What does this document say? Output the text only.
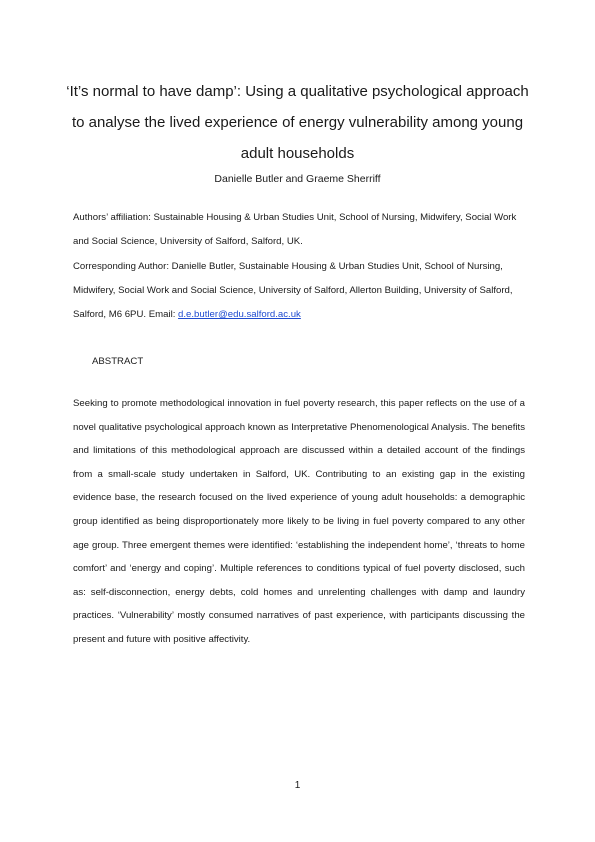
‘It’s normal to have damp’: Using a qualitative psychological approach to analyse the lived experience of energy vulnerability among young adult households
Danielle Butler and Graeme Sherriff
Authors’ affiliation: Sustainable Housing & Urban Studies Unit, School of Nursing, Midwifery, Social Work and Social Science, University of Salford, Salford, UK.
Corresponding Author: Danielle Butler, Sustainable Housing & Urban Studies Unit, School of Nursing, Midwifery, Social Work and Social Science, University of Salford, Allerton Building, University of Salford, Salford, M6 6PU. Email: d.e.butler@edu.salford.ac.uk
ABSTRACT
Seeking to promote methodological innovation in fuel poverty research, this paper reflects on the use of a novel qualitative psychological approach known as Interpretative Phenomenological Analysis. The benefits and limitations of this methodological approach are discussed within a detailed account of the findings from a small-scale study undertaken in Salford, UK. Contributing to an existing gap in the existing evidence base, the research focused on the lived experience of young adult households: a demographic group identified as being disproportionately more likely to be living in fuel poverty compared to any other age group. Three emergent themes were identified: ‘establishing the independent home’, ‘threats to home comfort’ and ‘energy and coping’. Multiple references to conditions typical of fuel poverty disclosed, such as: self-disconnection, energy debts, cold homes and unrelenting challenges with damp and laundry practices. ‘Vulnerability’ mostly consumed narratives of past experience, with participants discussing the present and future with positive affectivity.
1
